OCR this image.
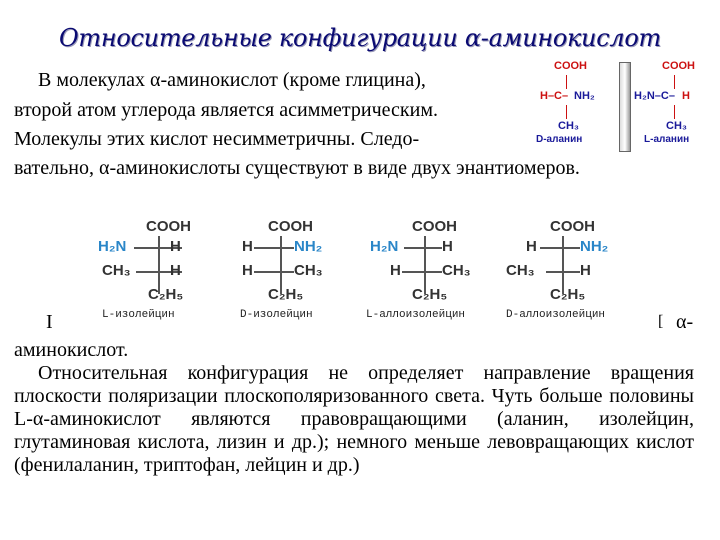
Относительные конфигурации α-аминокислот
В молекулах α-аминокислот (кроме глицина),
второй атом углерода является асимметрическим.
Молекулы этих кислот несимметричны. Следо-
вательно, α-аминокислоты существуют в виде двух энантиомеров.
COOH
H–C– NH₂
CH₃
D-аланин
COOH
H₂N–C– H
CH₃
L-аланин
COOH
H₂N	H
CH₃	H
C₂H₅
COOH
H	NH₂
H	CH₃
C₂H₅
COOH
H₂N	H
H	CH₃
C₂H₅
COOH
H	NH₂
CH₃	H
C₂H₅
L-изолейцин	D-изолейцин	L-аллоизолейцин	D-аллоизолейцин
I	[ α-
аминокислот.
Относительная конфигурация не определяет направление вращения плоскости поляризации плоскополяризованного света. Чуть больше половины L-α-аминокислот являются правовращающими (аланин, изолейцин, глутаминовая кислота, лизин и др.); немного меньше левовращающих кислот (фенилаланин, триптофан, лейцин и др.)
